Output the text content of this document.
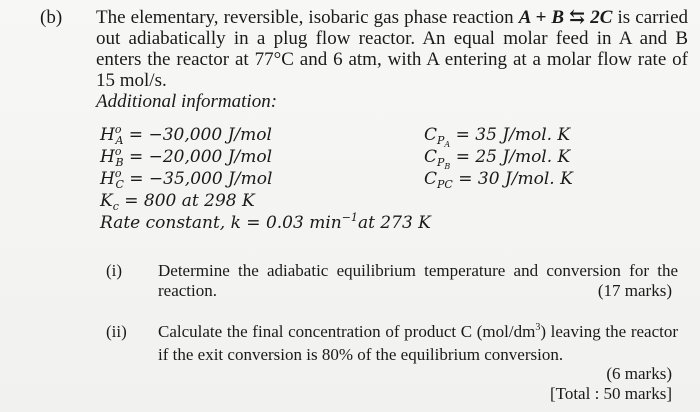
(b) The elementary, reversible, isobaric gas phase reaction A + B ⇆ 2C is carried out adiabatically in a plug flow reactor. An equal molar feed in A and B enters the reactor at 77°C and 6 atm, with A entering at a molar flow rate of 15 mol/s.
Additional information:
$H^o_A = -30,000$ J/mol
$H^o_B = -20,000$ J/mol
$H^o_C = -35,000$ J/mol
$K_c = 800$ at 298 K
Rate constant, k = 0.03 $\min^{-1}at$ 273 K
$C_{PA} = 35$ J/mol. K
$C_{PB} = 25$ J/mol. K
$C_{PC} = 30$ J/mol. K
(i) Determine the adiabatic equilibrium temperature and conversion for the reaction.	(17 marks)
(ii) Calculate the final concentration of product C $(mol/dm^3)$ leaving the reactor if the exit conversion is 80% of the equilibrium conversion.
(6 marks)
[Total : 50 marks]
